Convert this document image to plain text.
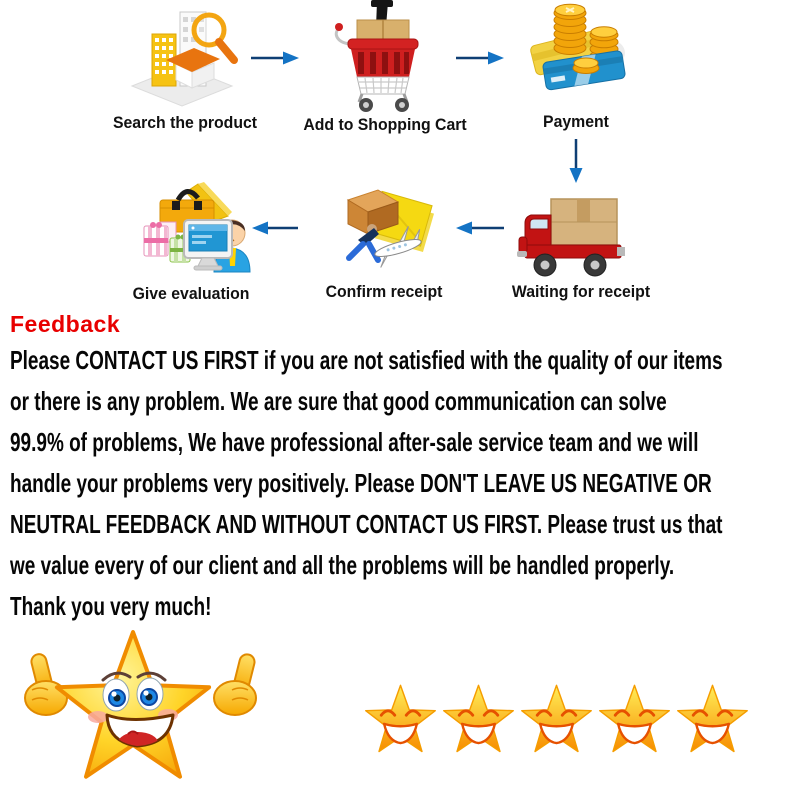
Search the product	Add to Shopping Cart	Payment
Waiting for receipt
Confirm receipt
Give evaluation
Feedback
Please CONTACT US FIRST if you are not satisfied with the quality of our items
or there is any problem. We are sure that good communication can solve
99.9% of problems, We have professional after-sale service team and we will
handle your problems very positively. Please DON'T LEAVE US NEGATIVE OR
NEUTRAL FEEDBACK AND WITHOUT CONTACT US FIRST. Please trust us that
we value every of our client and all the problems will be handled properly.
Thank you very much!
